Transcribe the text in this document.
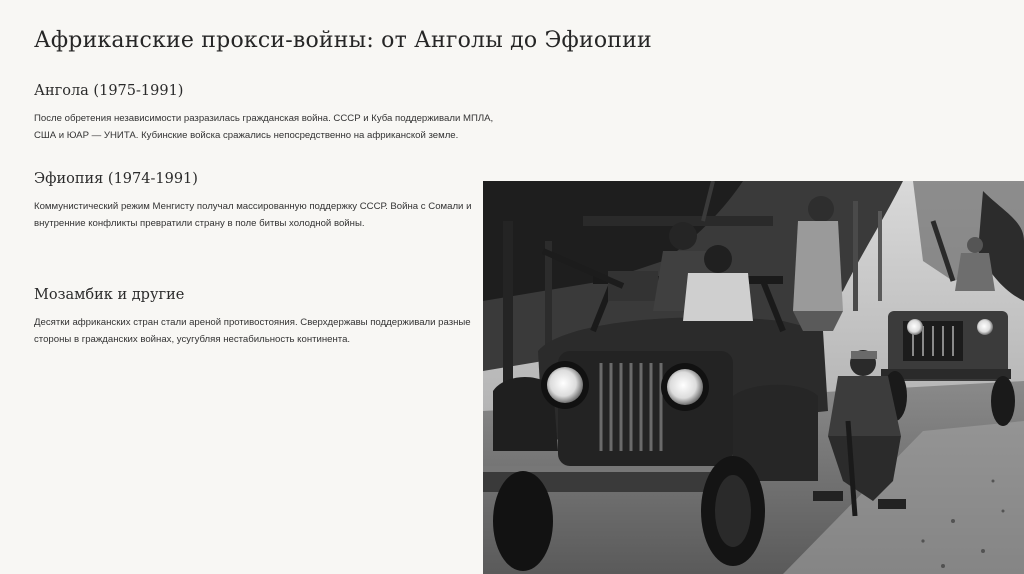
Африканские прокси-войны: от Анголы до Эфиопии
Ангола (1975-1991)

После обретения независимости разразилась гражданская война. СССР и Куба поддерживали МПЛА, США и ЮАР — УНИТА. Кубинские войска сражались непосредственно на африканской земле.

Эфиопия (1974-1991)

Коммунистический режим Менгисту получал массированную поддержку СССР. Война с Сомали и внутренние конфликты превратили страну в поле битвы холодной войны.

Мозамбик и другие

Десятки африканских стран стали ареной противостояния. Сверхдержавы поддерживали разные стороны в гражданских войнах, усугубляя нестабильность континента.
